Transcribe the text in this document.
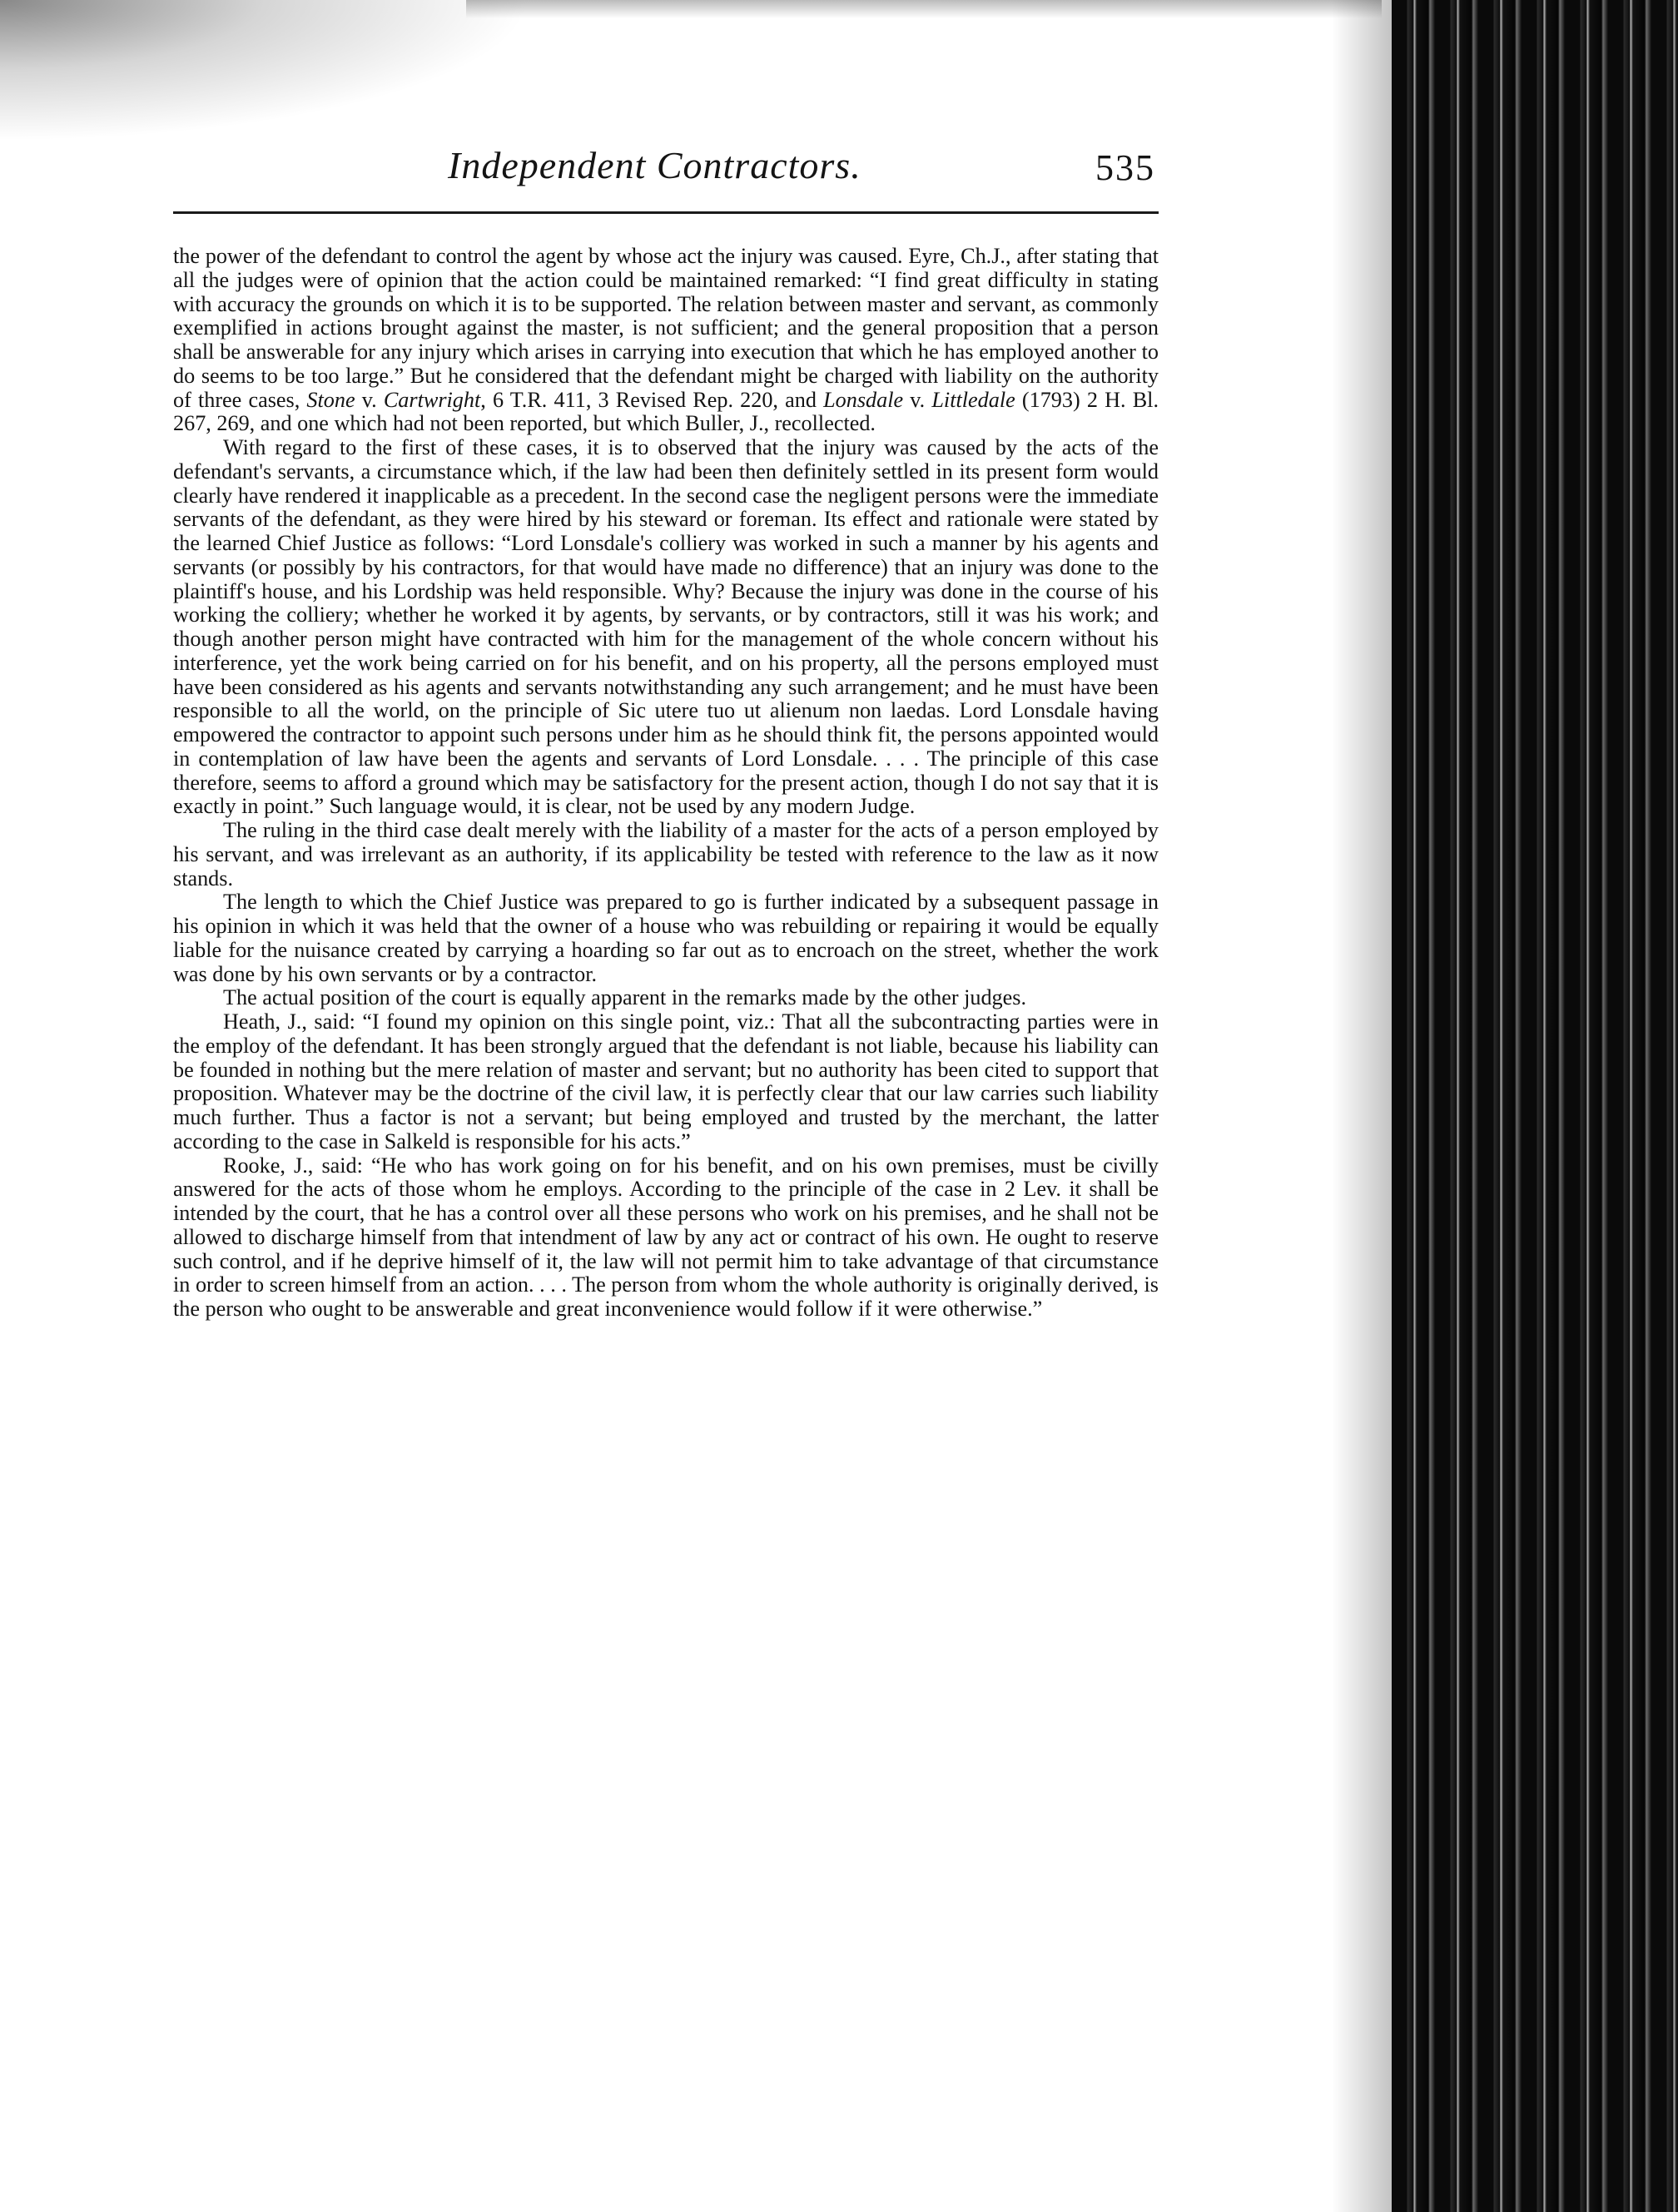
Independent Contractors.	535

the power of the defendant to control the agent by whose act the injury was caused. Eyre, Ch.J., after stating that all the judges were of opinion that the action could be maintained remarked: “I find great difficulty in stating with accuracy the grounds on which it is to be supported. The relation between master and servant, as commonly exemplified in actions brought against the master, is not sufficient; and the general proposition that a person shall be answerable for any injury which arises in carrying into execution that which he has employed another to do seems to be too large.” But he considered that the defendant might be charged with liability on the authority of three cases, Stone v. Cartwright, 6 T.R. 411, 3 Revised Rep. 220, and Lonsdale v. Littledale (1793) 2 H. Bl. 267, 269, and one which had not been reported, but which Buller, J., recollected.

With regard to the first of these cases, it is to observed that the injury was caused by the acts of the defendant's servants, a circumstance which, if the law had been then definitely settled in its present form would clearly have rendered it inapplicable as a precedent. In the second case the negligent persons were the immediate servants of the defendant, as they were hired by his steward or foreman. Its effect and rationale were stated by the learned Chief Justice as follows: “Lord Lonsdale's colliery was worked in such a manner by his agents and servants (or possibly by his contractors, for that would have made no difference) that an injury was done to the plaintiff's house, and his Lordship was held responsible. Why? Because the injury was done in the course of his working the colliery; whether he worked it by agents, by servants, or by contractors, still it was his work; and though another person might have contracted with him for the management of the whole concern without his interference, yet the work being carried on for his benefit, and on his property, all the persons employed must have been considered as his agents and servants notwithstanding any such arrangement; and he must have been responsible to all the world, on the principle of Sic utere tuo ut alienum non laedas. Lord Lonsdale having empowered the contractor to appoint such persons under him as he should think fit, the persons appointed would in contemplation of law have been the agents and servants of Lord Lonsdale. . . . The principle of this case therefore, seems to afford a ground which may be satisfactory for the present action, though I do not say that it is exactly in point.” Such language would, it is clear, not be used by any modern Judge.

The ruling in the third case dealt merely with the liability of a master for the acts of a person employed by his servant, and was irrelevant as an authority, if its applicability be tested with reference to the law as it now stands.

The length to which the Chief Justice was prepared to go is further indicated by a subsequent passage in his opinion in which it was held that the owner of a house who was rebuilding or repairing it would be equally liable for the nuisance created by carrying a hoarding so far out as to encroach on the street, whether the work was done by his own servants or by a contractor.

The actual position of the court is equally apparent in the remarks made by the other judges.

Heath, J., said: “I found my opinion on this single point, viz.: That all the subcontracting parties were in the employ of the defendant. It has been strongly argued that the defendant is not liable, because his liability can be founded in nothing but the mere relation of master and servant; but no authority has been cited to support that proposition. Whatever may be the doctrine of the civil law, it is perfectly clear that our law carries such liability much further. Thus a factor is not a servant; but being employed and trusted by the merchant, the latter according to the case in Salkeld is responsible for his acts.”

Rooke, J., said: “He who has work going on for his benefit, and on his own premises, must be civilly answered for the acts of those whom he employs. According to the principle of the case in 2 Lev. it shall be intended by the court, that he has a control over all these persons who work on his premises, and he shall not be allowed to discharge himself from that intendment of law by any act or contract of his own. He ought to reserve such control, and if he deprive himself of it, the law will not permit him to take advantage of that circumstance in order to screen himself from an action. . . . The person from whom the whole authority is originally derived, is the person who ought to be answerable and great inconvenience would follow if it were otherwise.”
